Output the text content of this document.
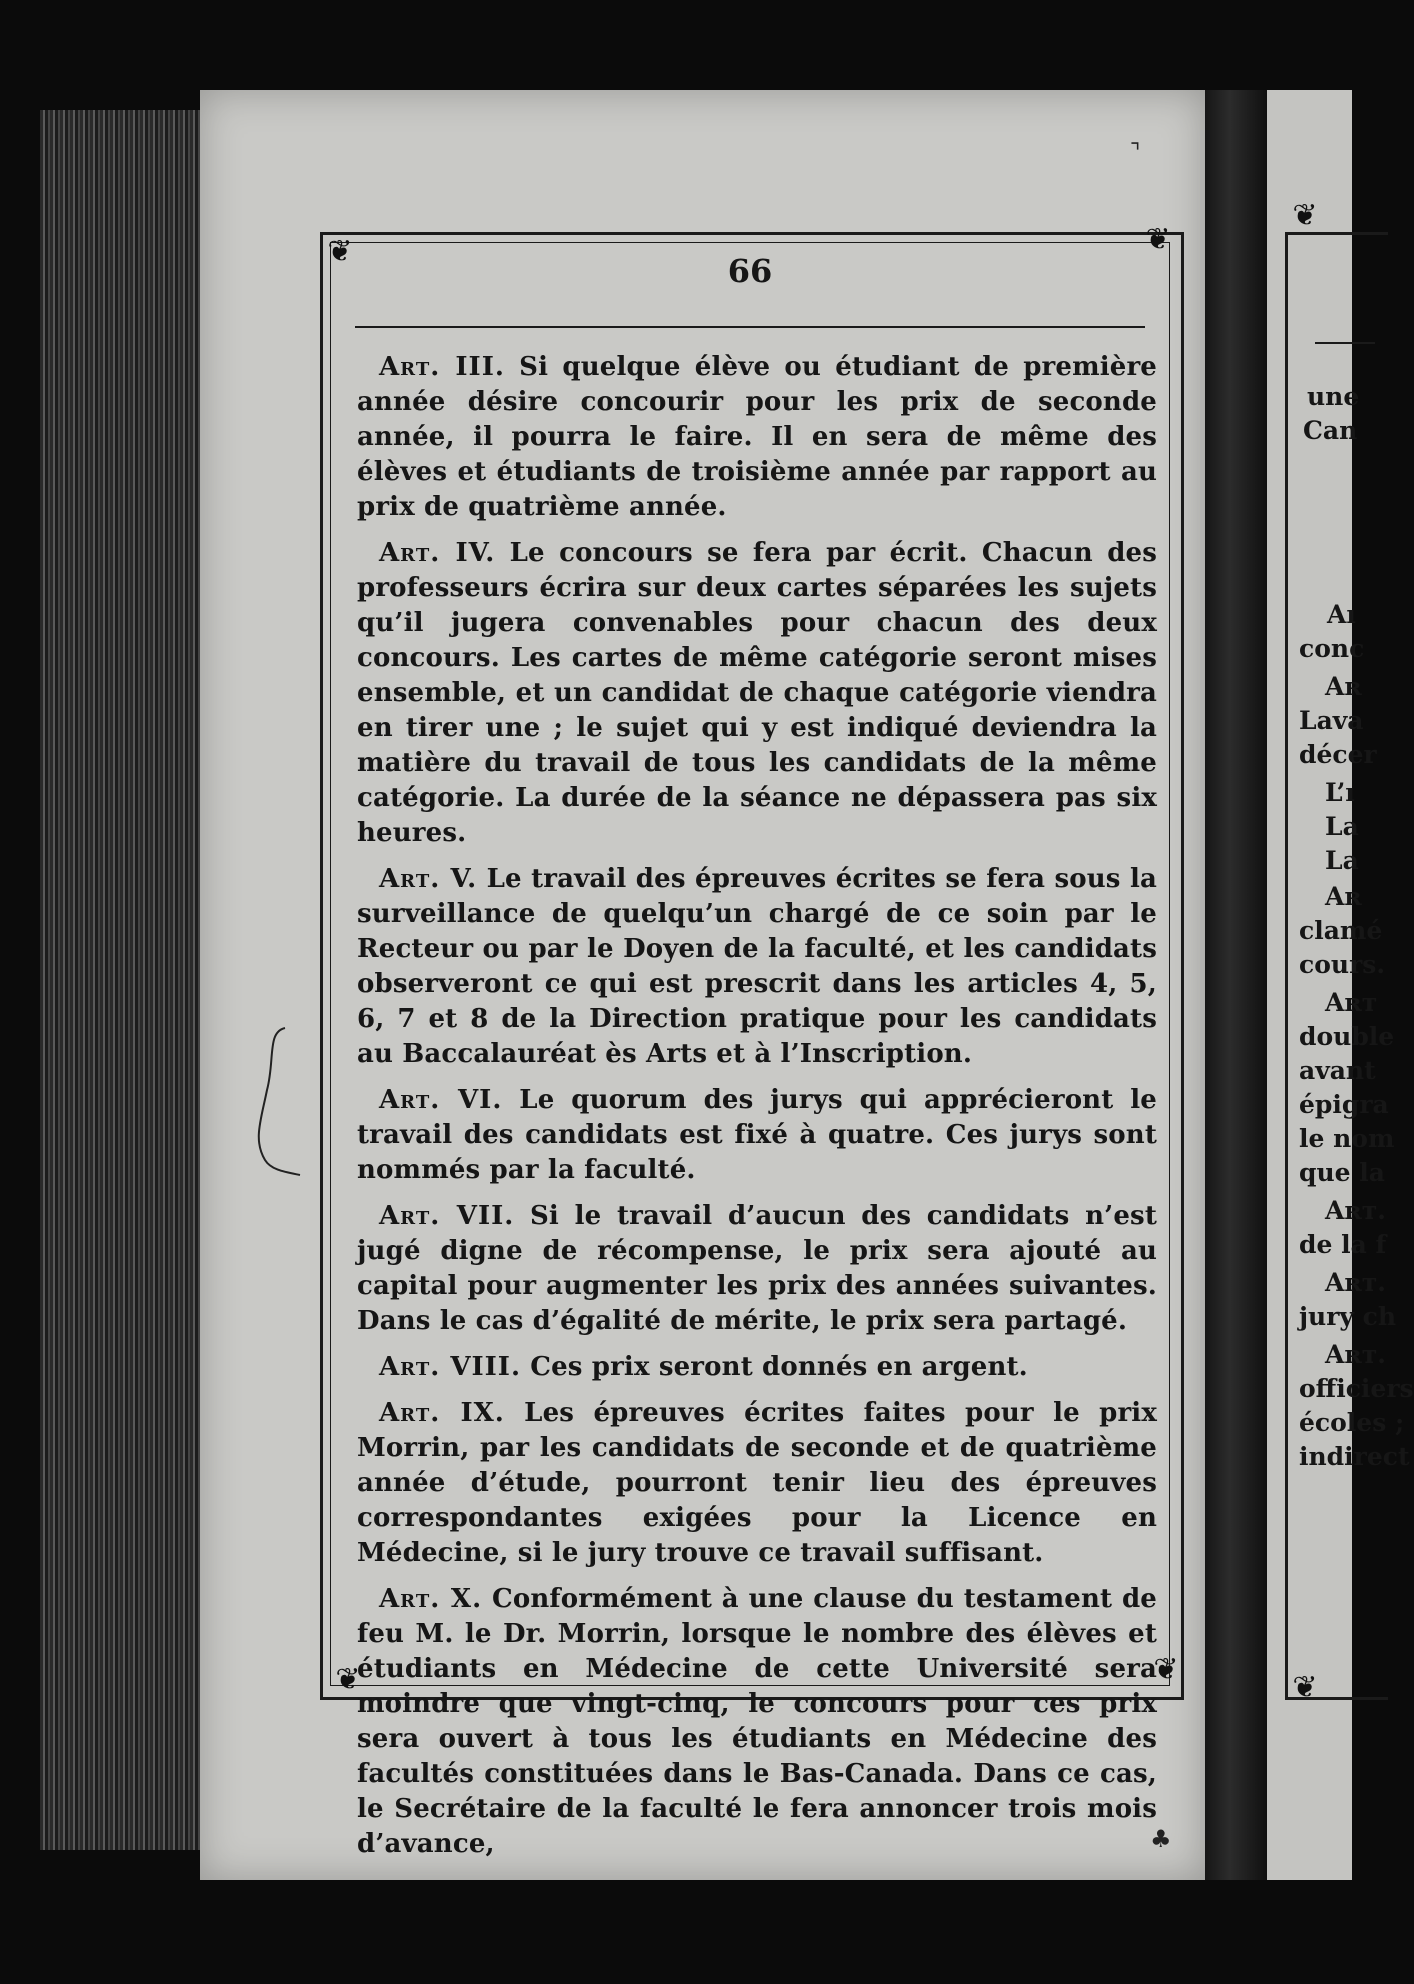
❦
une
Can
Aı
conc
Aʀ
Lava
décer
L’ı
La
La
Aʀ
clamé
cours.
Aʀᴛ
double
avant
épigra
le nom
que la
Aʀᴛ.
de la f
Aʀᴛ.
jury ch
Aʀᴛ.
officiers
écoles ;
indirect
❦
❦	❦
❦	❦
⌝
♣
66

Art. III. Si quelque élève ou étudiant de première année désire concourir pour les prix de seconde année, il pourra le faire. Il en sera de même des élèves et étudiants de troisième année par rapport au prix de quatrième année.

Art. IV. Le concours se fera par écrit. Chacun des professeurs écrira sur deux cartes séparées les sujets qu’il jugera convenables pour chacun des deux concours. Les cartes de même catégorie seront mises ensemble, et un candidat de chaque catégorie viendra en tirer une ; le sujet qui y est indiqué deviendra la matière du travail de tous les candidats de la même catégorie. La durée de la séance ne dépassera pas six heures.

Art. V. Le travail des épreuves écrites se fera sous la surveillance de quelqu’un chargé de ce soin par le Recteur ou par le Doyen de la faculté, et les candidats observeront ce qui est prescrit dans les articles 4, 5, 6, 7 et 8 de la Direction pratique pour les candidats au Baccalauréat ès Arts et à l’Inscription.

Art. VI. Le quorum des jurys qui apprécieront le travail des candidats est fixé à quatre. Ces jurys sont nommés par la faculté.

Art. VII. Si le travail d’aucun des candidats n’est jugé digne de récompense, le prix sera ajouté au capital pour augmenter les prix des années suivantes. Dans le cas d’égalité de mérite, le prix sera partagé.

Art. VIII. Ces prix seront donnés en argent.

Art. IX. Les épreuves écrites faites pour le prix Morrin, par les candidats de seconde et de quatrième année d’étude, pourront tenir lieu des épreuves correspondantes exigées pour la Licence en Médecine, si le jury trouve ce travail suffisant.

Art. X. Conformément à une clause du testament de feu M. le Dr. Morrin, lorsque le nombre des élèves et étudiants en Médecine de cette Université sera moindre que vingt-cinq, le concours pour ces prix sera ouvert à tous les étudiants en Médecine des facultés constituées dans le Bas-Canada. Dans ce cas, le Secrétaire de la faculté le fera annoncer trois mois d’avance,
